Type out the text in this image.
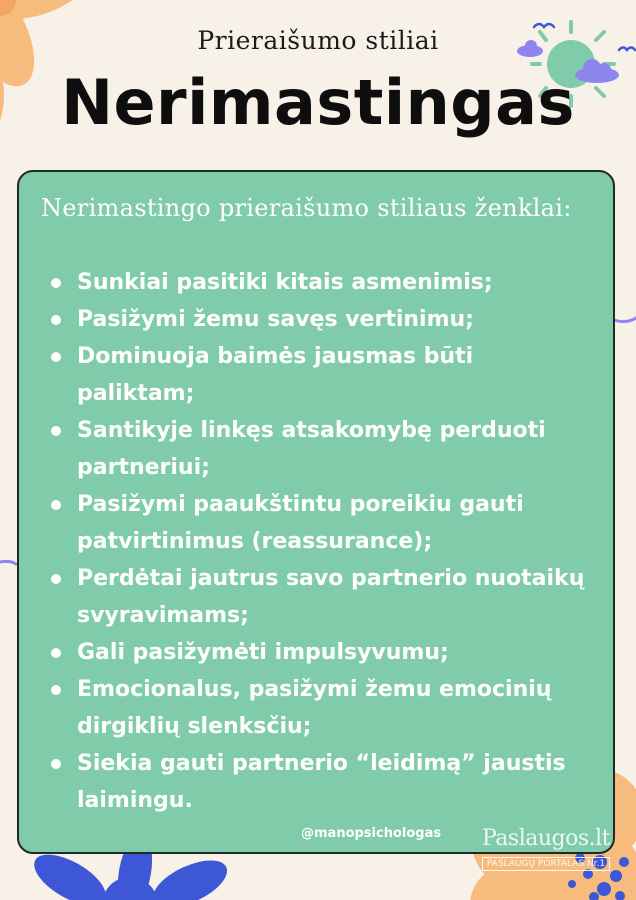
Prieraišumo stiliai
Nerimastingas
Nerimastingo prieraišumo stiliaus ženklai:
Sunkiai pasitiki kitais asmenimis;
Pasižymi žemu savęs vertinimu;
Dominuoja baimės jausmas būti paliktam;
Santikyje linkęs atsakomybę perduoti partneriui;
Pasižymi paaukštintu poreikiu gauti patvirtinimus (reassurance);
Perdėtai jautrus savo partnerio nuotaikų svyravimams;
Gali pasižymėti impulsyvumu;
Emocionalus, pasižymi žemu emocinių dirgiklių slenksčiu;
Siekia gauti partnerio “leidimą” jaustis laimingu.
@manopsichologas	Paslaugos.lt
PASLAUGŲ PORTALAS Nr.1
